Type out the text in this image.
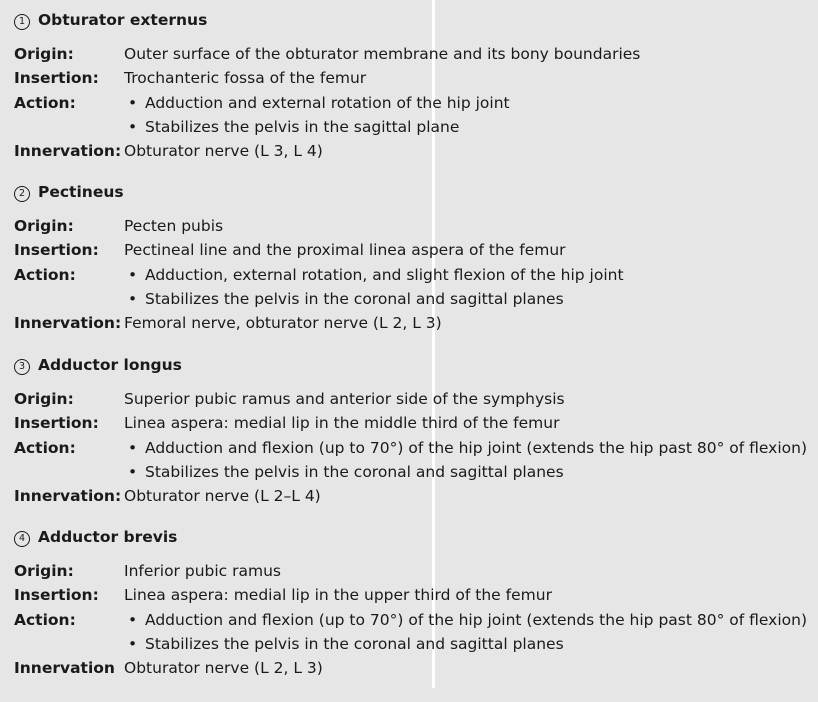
1 Obturator externus
Origin:	Outer surface of the obturator membrane and its bony boundaries
Insertion: Trochanteric fossa of the femur
Action:	• Adduction and external rotation of the hip joint
• Stabilizes the pelvis in the sagittal plane
Innervation: Obturator nerve (L 3, L 4)
2 Pectineus
Origin:	Pecten pubis
Insertion: Pectineal line and the proximal linea aspera of the femur
Action:	• Adduction, external rotation, and slight flexion of the hip joint
• Stabilizes the pelvis in the coronal and sagittal planes
Innervation: Femoral nerve, obturator nerve (L 2, L 3)
3 Adductor longus
Origin:	Superior pubic ramus and anterior side of the symphysis
Insertion: Linea aspera: medial lip in the middle third of the femur
Action:	• Adduction and flexion (up to 70°) of the hip joint (extends the hip past 80° of flexion)
• Stabilizes the pelvis in the coronal and sagittal planes
Innervation: Obturator nerve (L 2–L 4)
4 Adductor brevis
Origin:	Inferior pubic ramus
Insertion: Linea aspera: medial lip in the upper third of the femur
Action:	• Adduction and flexion (up to 70°) of the hip joint (extends the hip past 80° of flexion)
• Stabilizes the pelvis in the coronal and sagittal planes
Innervation Obturator nerve (L 2, L 3)
